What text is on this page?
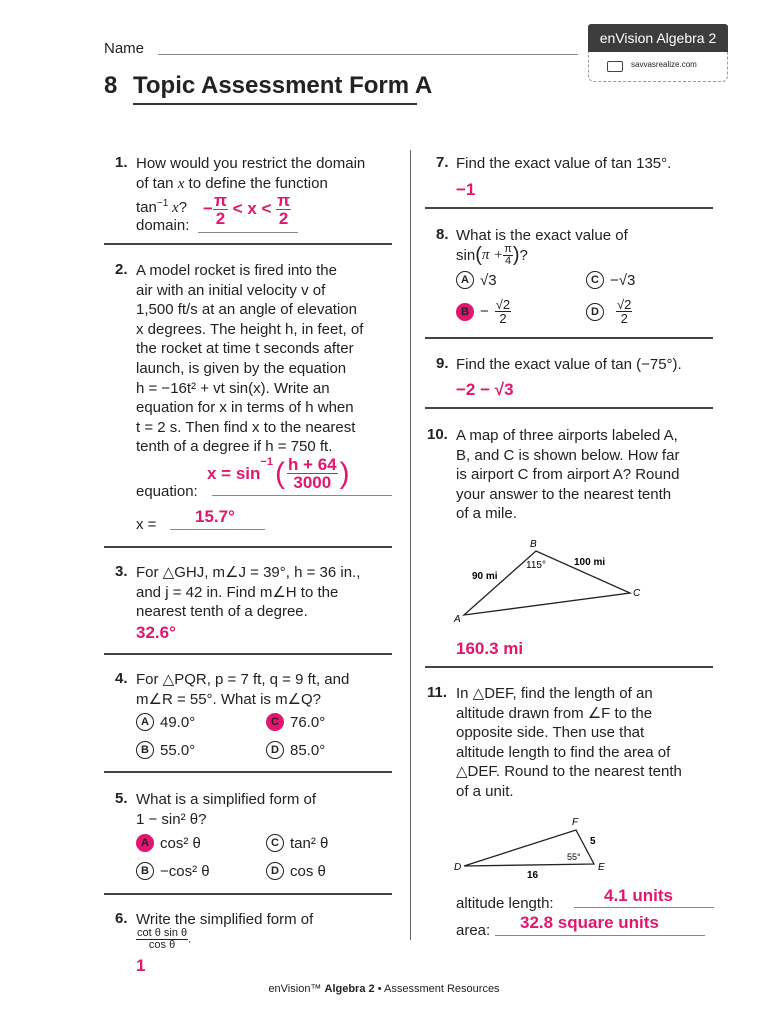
Name
8 Topic Assessment Form A
enVision Algebra 2
savvasrealize.com
1. How would you restrict the domain
of tan x to define the function
$\tan^{-1} x$?
domain:
− $\frac{\pi}{2} < x < \frac{\pi}{2}$
2. A model rocket is fired into the
air with an initial velocity v of
1,500 ft/s at an angle of elevation
x degrees. The height h, in feet, of
the rocket at time t seconds after
launch, is given by the equation
h = −16t² + vt sin(x). Write an
equation for x in terms of h when
t = 2 s. Then find x to the nearest
tenth of a degree if h = 750 ft.
x = sin
$^{-1}$ ( $\frac{h + 64}{3000}$ )
equation:
x = 15.7°
3. For △GHJ, m∠J = 39°, h = 36 in.,
and j = 42 in. Find m∠H to the
nearest tenth of a degree.
32.6°
4. For △PQR, p = 7 ft, q = 9 ft, and
m∠R = 55°. What is m∠Q?
A 49.0°	C 76.0°
B 55.0°	D 85.0°
5. What is a simplified form of
1 − sin² θ?
A cos² θ	C tan² θ
B −cos² θ	D cos θ
6. Write the simplified form of
$\frac{\text{cot θ sin θ}}{\text{cos θ}}$ .
1
7. Find the exact value of tan 135°.
−1
8. What is the exact value of
sin ( $\pi + \frac{\pi}{4}$ ) ?
A √3	C −√3
$B - \frac{√2}{2}$	D	$\frac{√2}{2}$
9. Find the exact value of tan (−75°).
−2 − √3
10. A map of three airports labeled A,
B, and C is shown below. How far
is airport C from airport A? Round
your answer to the nearest tenth
of a mile.
B
A
C
90 mi
100 mi
115°
160.3 mi
11. In △DEF, find the length of an
altitude drawn from ∠F to the
opposite side. Then use that
altitude length to find the area of
△DEF. Round to the nearest tenth
of a unit.
F
D	E
5
16
55°
altitude length:	4.1 units
area: 32.8 square units
enVision™ Algebra 2 • Assessment Resources
